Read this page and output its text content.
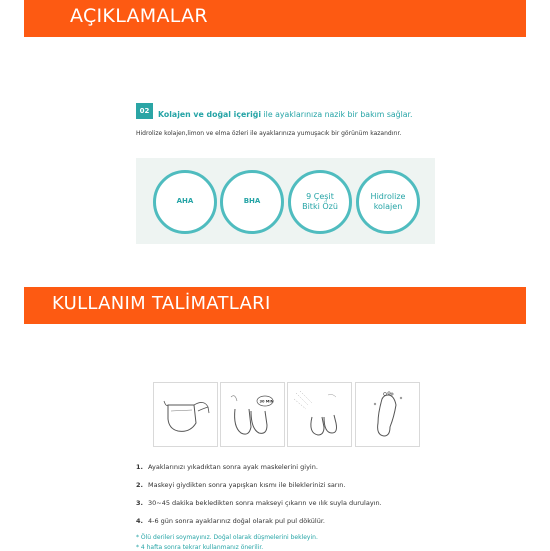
AÇIKLAMALAR
02	Kolajen ve doğal içeriği ile ayaklarınıza nazik bir bakım sağlar.
Hidrolize kolajen,limon ve elma özleri ile ayaklarınıza yumuşacık bir görünüm kazandırır.
AHA	BHA
9 Çeşit
Bitki Özü
Hidrolize
kolajen
KULLANIM TALİMATLARI
30 MIN
1. Ayaklarınızı yıkadıktan sonra ayak maskelerini giyin.
2. Maskeyi giydikten sonra yapışkan kısmı ile bileklerinizi sarın.
3. 30~45 dakika bekledikten sonra makseyi çıkarın ve ılık suyla durulayın.
4. 4-6 gün sonra ayaklarınız doğal olarak pul pul dökülür.
* Ölü derileri soymayınız. Doğal olarak düşmelerini bekleyin.
* 4 hafta sonra tekrar kullanmanız önerilir.
